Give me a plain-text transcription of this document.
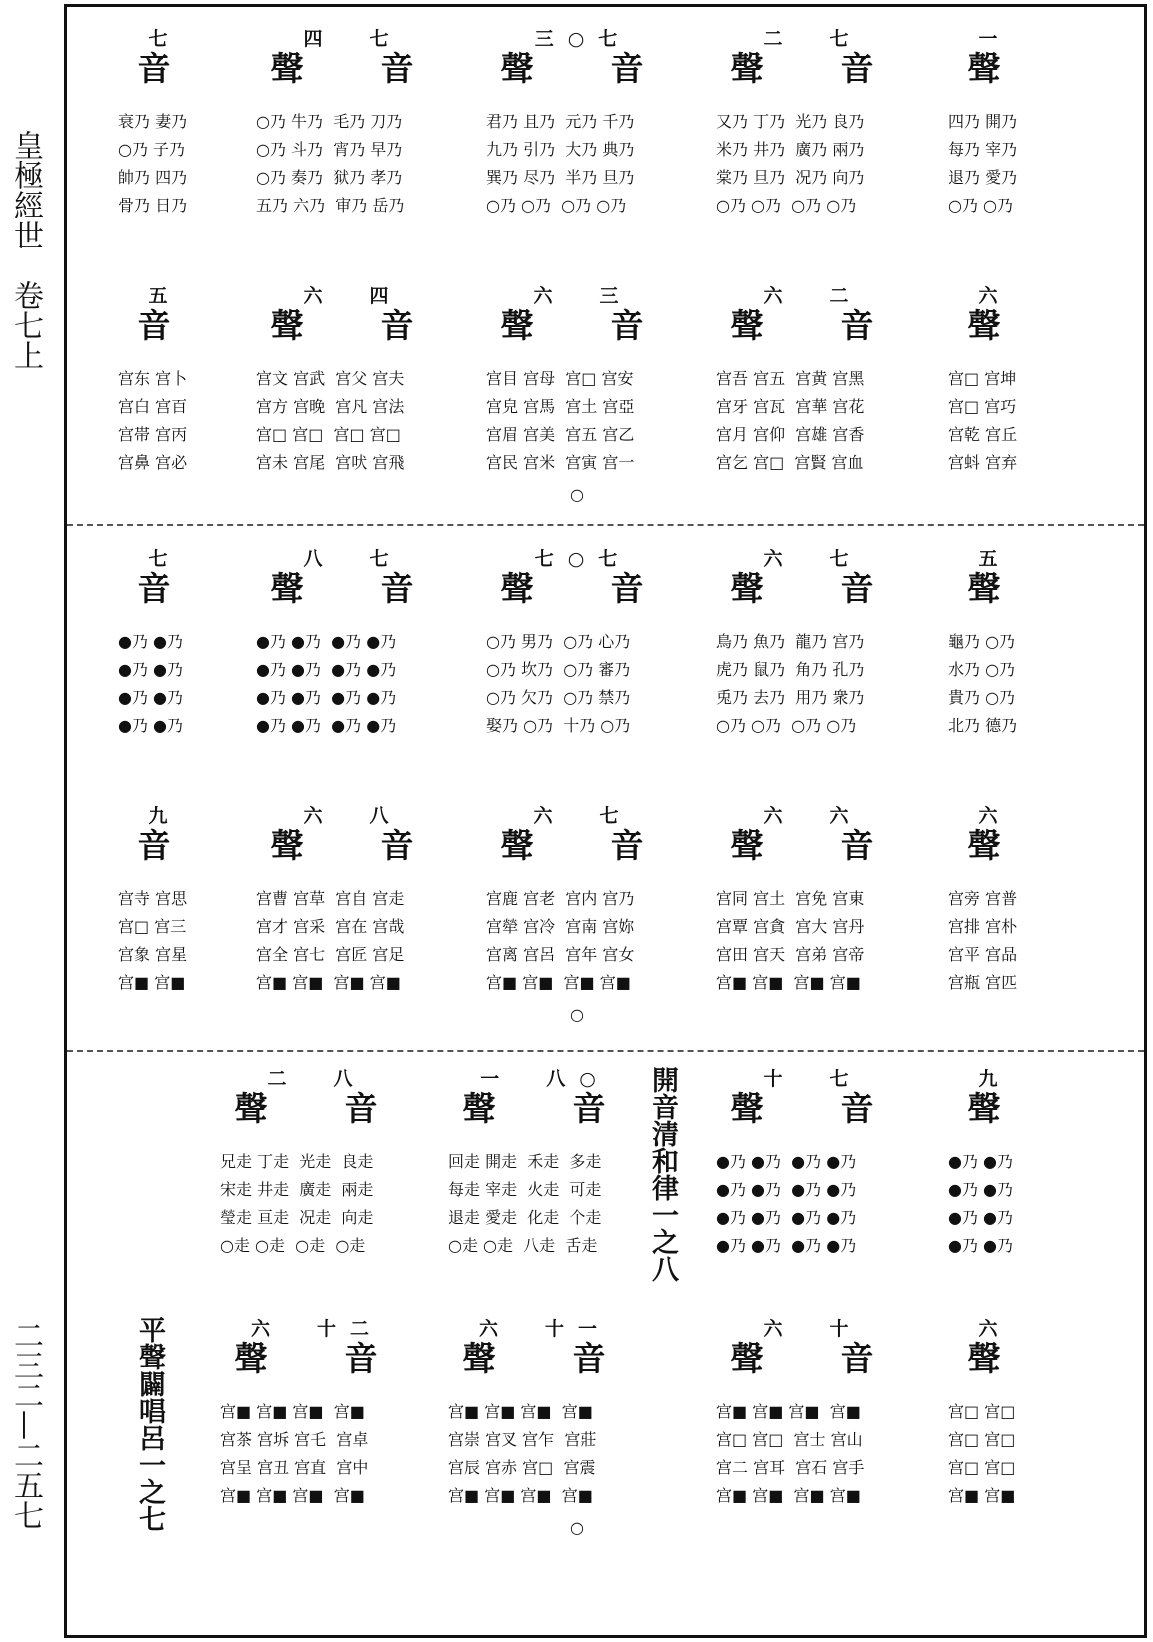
皇極經世　卷七上
二三二—二五七
七
音
衰乃 妻乃
○乃 子乃
帥乃 四乃
骨乃 日乃
四　七
聲　音
○乃 牛乃  毛乃 刀乃
○乃 斗乃  宵乃 早乃
○乃 奏乃  狱乃 孝乃
五乃 六乃  审乃 岳乃
三○七
聲　音
君乃 且乃  元乃 千乃
九乃 引乃  大乃 典乃
巽乃 尽乃  半乃 旦乃
○乃 ○乃  ○乃 ○乃
二　七
聲　音
又乃 丁乃  光乃 良乃
米乃 井乃  廣乃 兩乃
棠乃 旦乃  况乃 向乃
○乃 ○乃  ○乃 ○乃
一
聲
四乃 開乃
每乃 宰乃
退乃 愛乃
○乃 ○乃
五
音
宫东 宫卜
宫白 宫百
宫帯 宫丙
宫鼻 宫必
六　四
聲　音
宫文 宫武  宫父 宫夫
宫方 宫晚  宫凡 宫法
宫□ 宫□  宫□ 宫□
宫未 宫尾  宫吠 宫飛
六　三
聲　音
宫目 宫母  宫□ 宫安
宫皃 宫馬  宫土 宫亞
宫眉 宫美  宫五 宫乙
宫民 宫米  宫寅 宫一
六　二
聲　音
宫吾 宫五  宫黄 宫黑
宫牙 宫瓦  宫華 宫花
宫月 宫仰  宫雄 宫香
宫乞 宫□  宫賢 宫血
六
聲
宫□ 宫坤
宫□ 宫巧
宫乾 宫丘
宫蚪 宫弃
○
七
音
●乃 ●乃
●乃 ●乃
●乃 ●乃
●乃 ●乃
八　七
聲　音
●乃 ●乃  ●乃 ●乃
●乃 ●乃  ●乃 ●乃
●乃 ●乃  ●乃 ●乃
●乃 ●乃  ●乃 ●乃
七○七
聲　音
○乃 男乃  ○乃 心乃
○乃 坎乃  ○乃 審乃
○乃 欠乃  ○乃 禁乃
娶乃 ○乃  十乃 ○乃
六　七
聲　音
鳥乃 魚乃  龍乃 宫乃
虎乃 鼠乃  角乃 孔乃
兎乃 去乃  用乃 衆乃
○乃 ○乃  ○乃 ○乃
五
聲
龜乃 ○乃
水乃 ○乃
貴乃 ○乃
北乃 德乃
九
音
宫寺 宫思
宫□ 宫三
宫象 宫星
宫■ 宫■
六　八
聲　音
宫曹 宫草  宫自 宫走
宫才 宫采  宫在 宫哉
宫全 宫七  宫匠 宫足
宫■ 宫■  宫■ 宫■
六　七
聲　音
宫鹿 宫老  宫内 宫乃
宫犖 宫冷  宫南 宫妳
宫离 宫呂  宫年 宫女
宫■ 宫■  宫■ 宫■
六　六
聲　音
宫同 宫土  宫免 宫東
宫覃 宫貪  宫大 宫丹
宫田 宫天  宫弟 宫帝
宫■ 宫■  宫■ 宫■
六
聲
宫旁 宫普
宫排 宫朴
宫平 宫品
宫瓶 宫匹
○
二　八
聲　音
兄走 丁走  光走  良走
宋走 井走  廣走  兩走
瑩走 亘走  况走  向走
○走 ○走  ○走  ○走
一　八○
聲　音
回走 開走  禾走  多走
每走 宰走  火走  可走
退走 愛走  化走  个走
○走 ○走  八走  舌走
十　七
聲　音
●乃 ●乃  ●乃 ●乃
●乃 ●乃  ●乃 ●乃
●乃 ●乃  ●乃 ●乃
●乃 ●乃  ●乃 ●乃
九
聲
●乃 ●乃
●乃 ●乃
●乃 ●乃
●乃 ●乃
開音清和律一之八
六　十二
聲　音
宫■ 宫■ 宫■  宫■
宫茶 宫坼 宫乇  宫卓
宫呈 宫丑 宫直  宫中
宫■ 宫■ 宫■  宫■
六　十一
聲　音
宫■ 宫■ 宫■  宫■
宫崇 宫叉 宫乍  宫莊
宫辰 宫赤 宫□  宫震
宫■ 宫■ 宫■  宫■
六　十
聲　音
宫■ 宫■ 宫■  宫■
宫□ 宫□  宫士 宫山
宫二 宫耳  宫石 宫手
宫■ 宫■  宫■ 宫■
六
聲
宫□ 宫□
宫□ 宫□
宫□ 宫□
宫■ 宫■
○
平聲闢唱呂一之七
